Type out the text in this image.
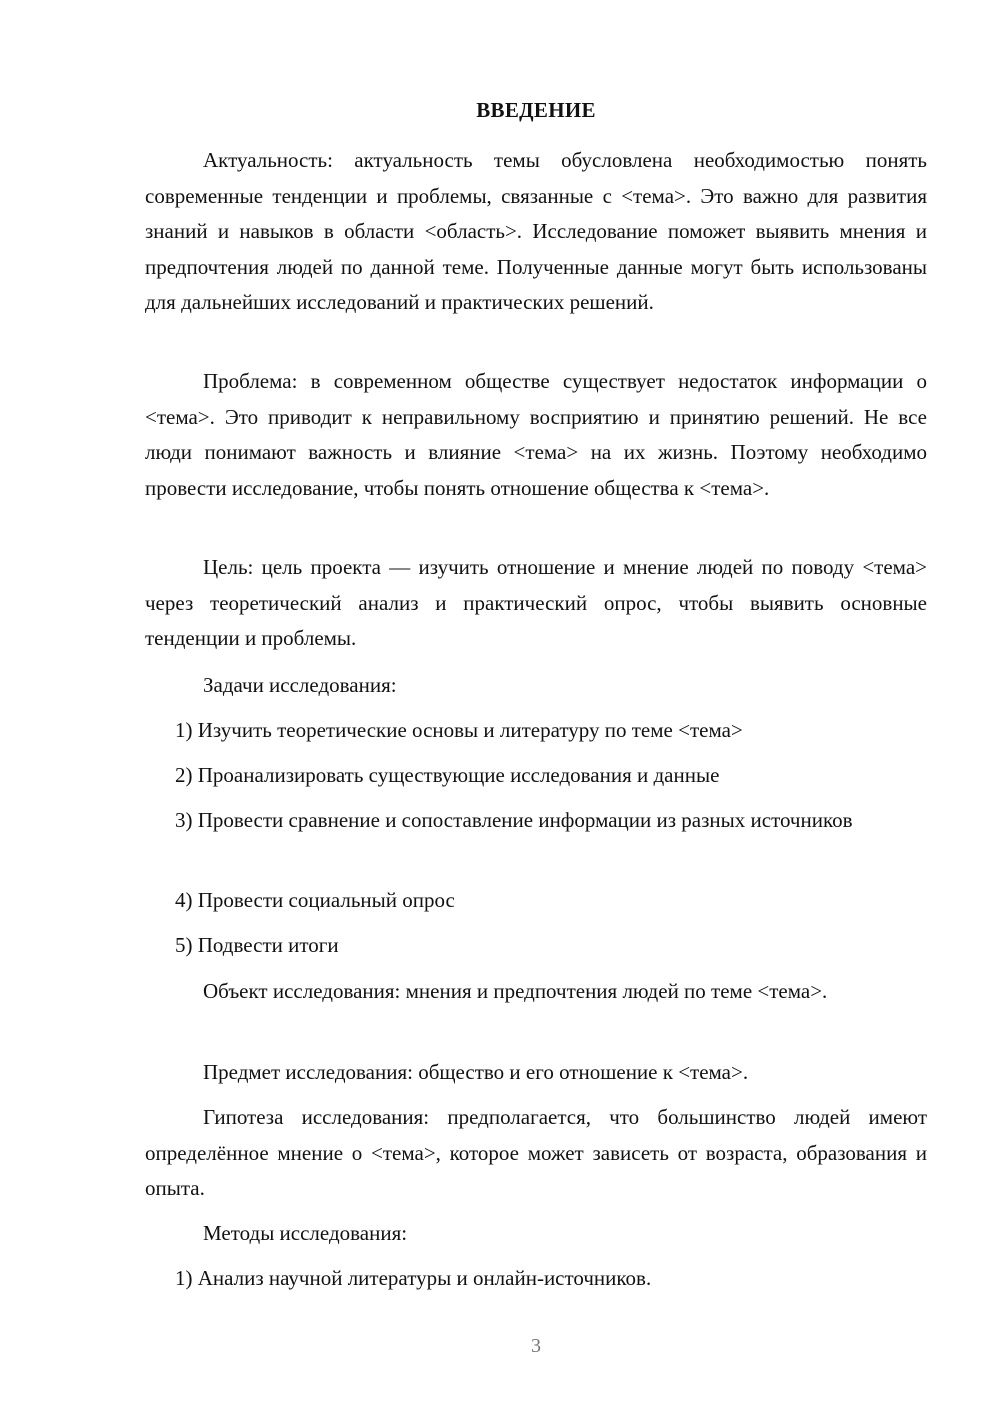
ВВЕДЕНИЕ

Актуальность: актуальность темы обусловлена необходимостью понять современные тенденции и проблемы, связанные с <тема>. Это важно для развития знаний и навыков в области <область>. Исследование поможет выявить мнения и предпочтения людей по данной теме. Полученные данные могут быть использованы для дальнейших исследований и практических решений.

Проблема: в современном обществе существует недостаток информации о <тема>. Это приводит к неправильному восприятию и принятию решений. Не все люди понимают важность и влияние <тема> на их жизнь. Поэтому необходимо провести исследование, чтобы понять отношение общества к <тема>.

Цель: цель проекта — изучить отношение и мнение людей по поводу <тема> через теоретический анализ и практический опрос, чтобы выявить основные тенденции и проблемы.

Задачи исследования:

1) Изучить теоретические основы и литературу по теме <тема>

2) Проанализировать существующие исследования и данные

3) Провести сравнение и сопоставление информации из разных источников

4) Провести социальный опрос

5) Подвести итоги

Объект исследования: мнения и предпочтения людей по теме <тема>.

Предмет исследования: общество и его отношение к <тема>.

Гипотеза исследования: предполагается, что большинство людей имеют определённое мнение о <тема>, которое может зависеть от возраста, образования и опыта.

Методы исследования:

1) Анализ научной литературы и онлайн-источников.

3
